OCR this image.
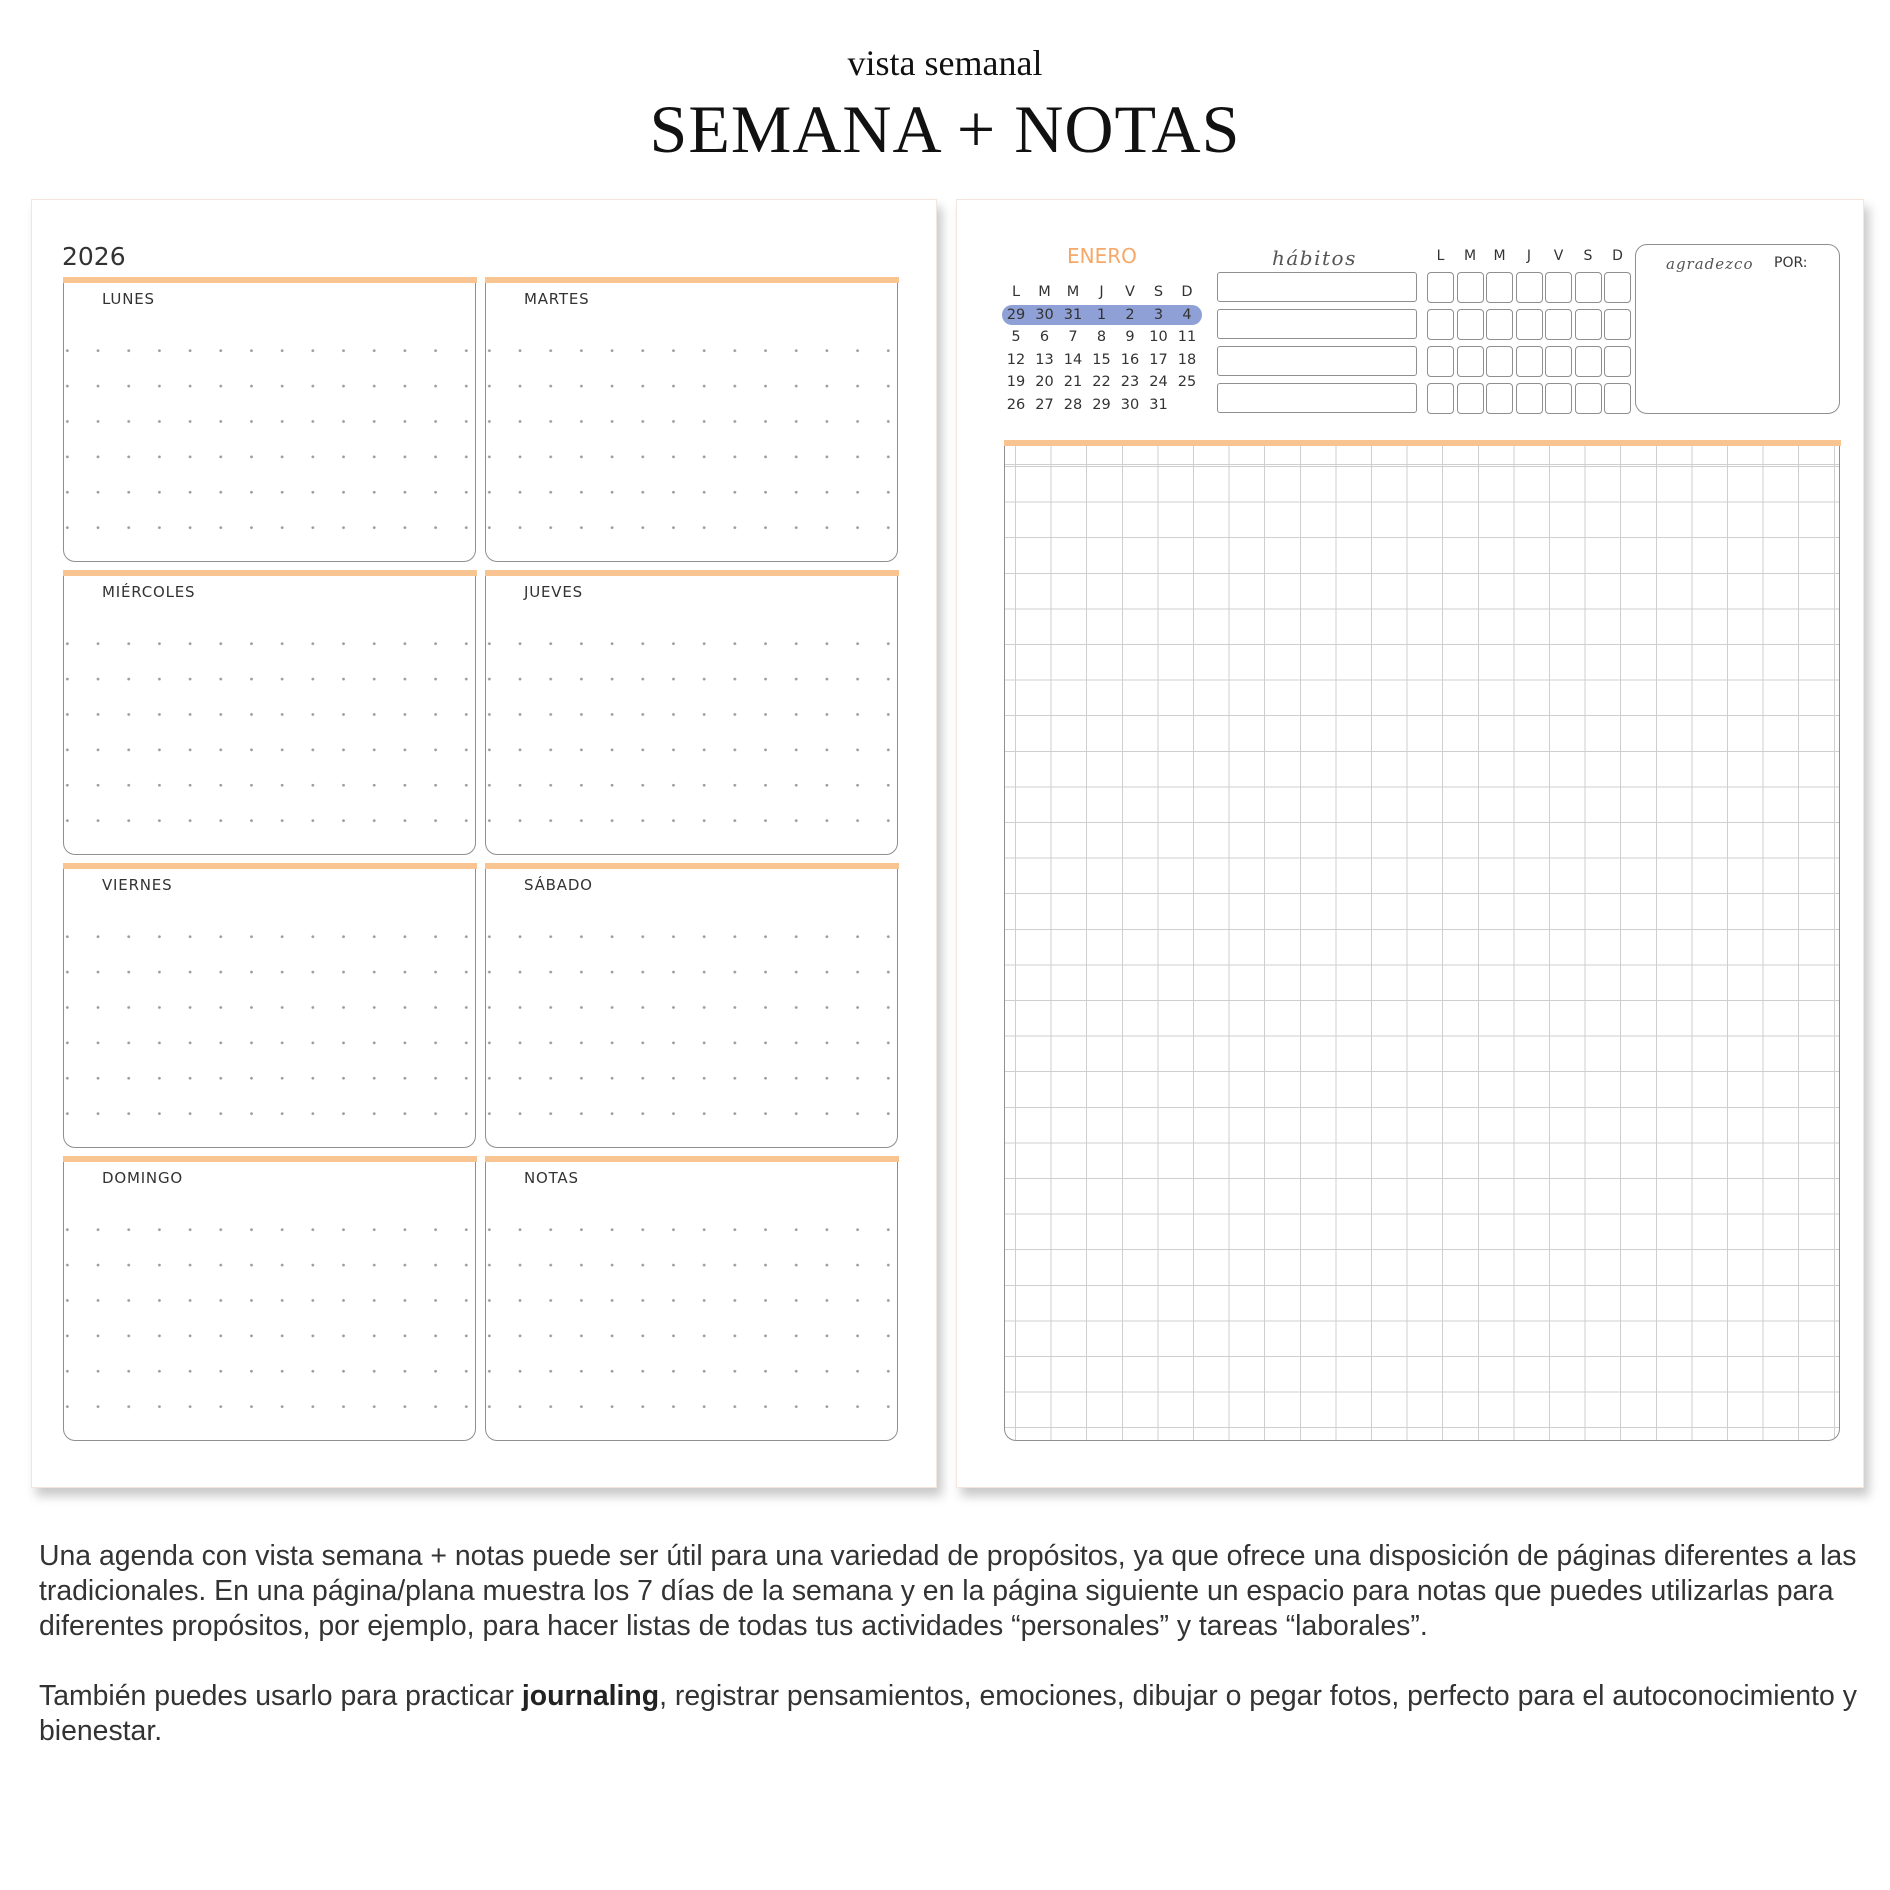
vista semanal
SEMANA + NOTAS
2026
LUNES	MARTES
MIÉRCOLES	JUEVES
VIERNES	SÁBADO
DOMINGO	NOTAS
ENERO
L	M	M	J	V	S	D
29 30 31	1	2	3	4
5	6	7	8	9	10 11
12 13 14 15 16 17 18
19 20 21 22 23 24 25
26 27 28 29 30 31
hábitos	L	M	M	J	V	S	D	agradezco POR:
Una agenda con vista semana + notas puede ser útil para una variedad de propósitos, ya que ofrece una disposición de páginas diferentes a las tradicionales. En una página/plana muestra los 7 días de la semana y en la página siguiente un espacio para notas que puedes utilizarlas para diferentes propósitos, por ejemplo, para hacer listas de todas tus actividades “personales” y tareas “laborales”.
También puedes usarlo para practicar journaling, registrar pensamientos, emociones, dibujar o pegar fotos, perfecto para el autoconocimiento y bienestar.
